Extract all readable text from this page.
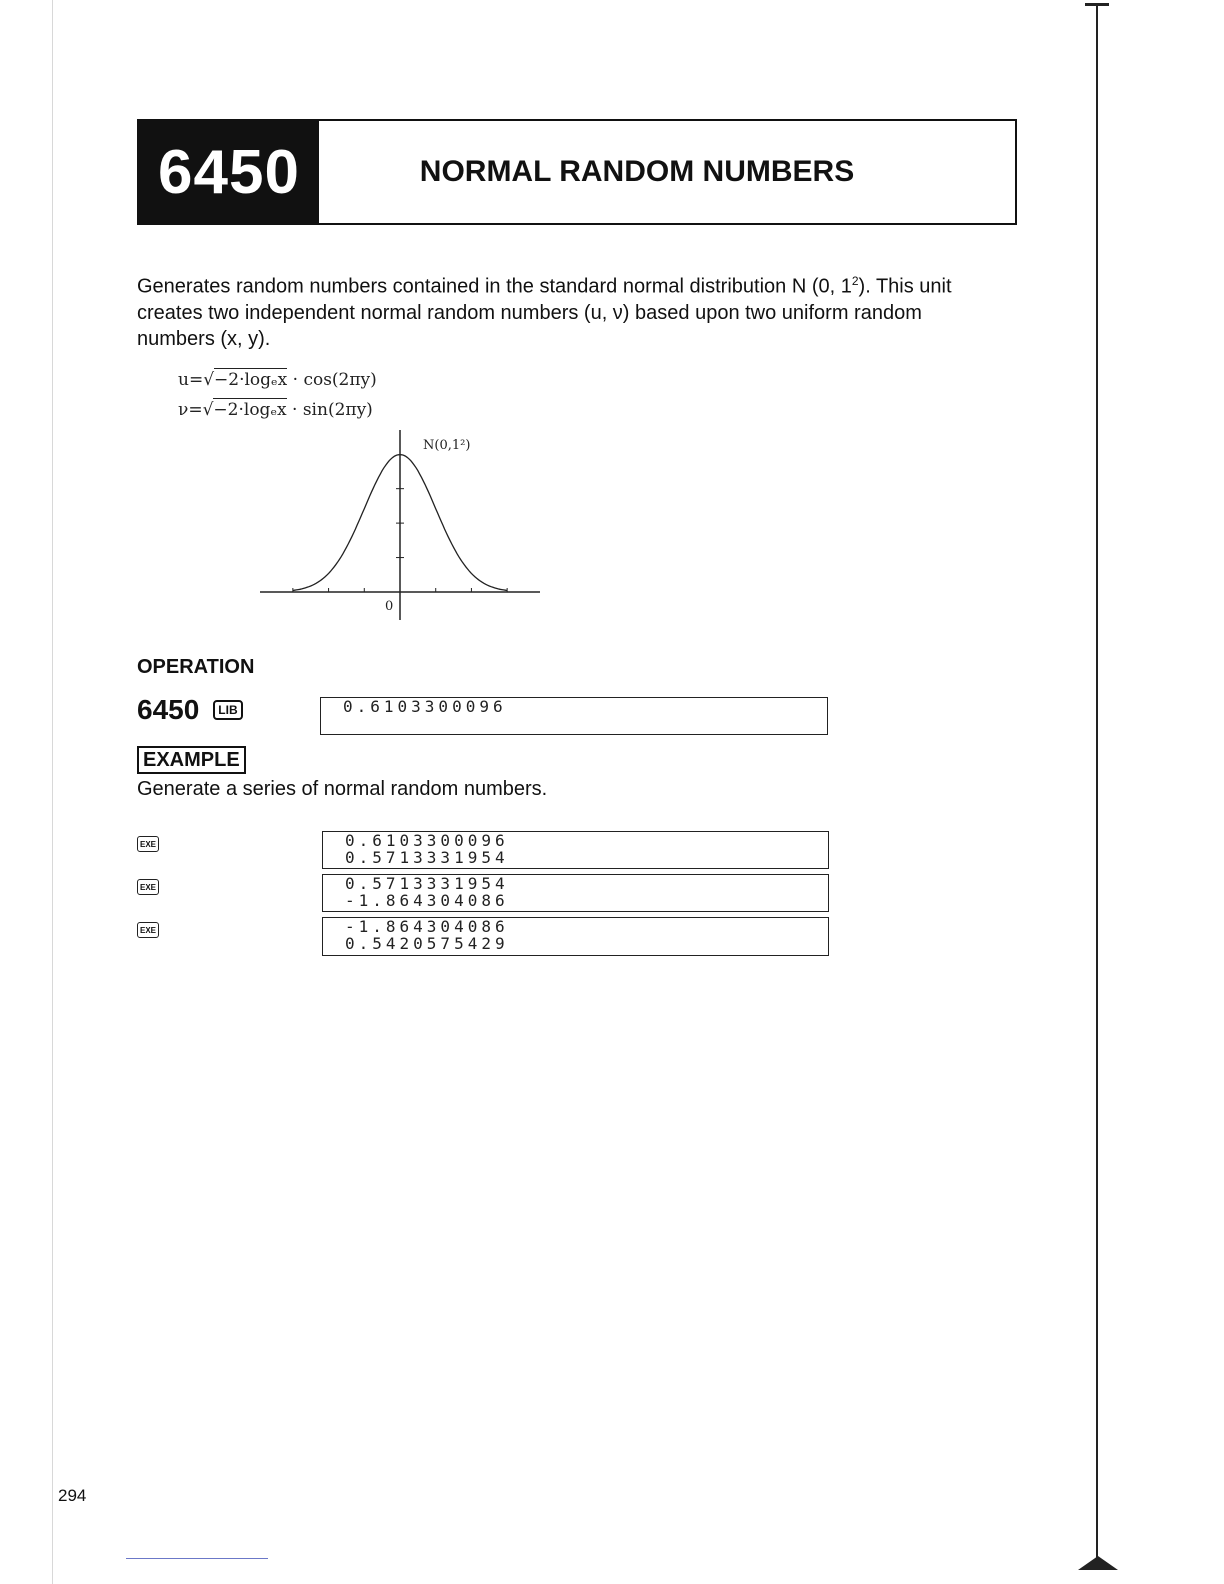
6450	NORMAL RANDOM NUMBERS
Generates random numbers contained in the standard normal distribution N (0, $1^2$). This unit
creates two independent normal random numbers (u, ν) based upon two uniform random
numbers (x, y).
u=√−2·logₑx · cos(2πy)
ν=√−2·logₑx · sin(2πy)
N(0,1²)
0
OPERATION
6450	LIB	0.6103300096
EXAMPLE
Generate a series of normal random numbers.
EXE	0.6103300096
0.5713331954
EXE	0.5713331954
-1.864304086
EXE	-1.864304086
0.5420575429
294
